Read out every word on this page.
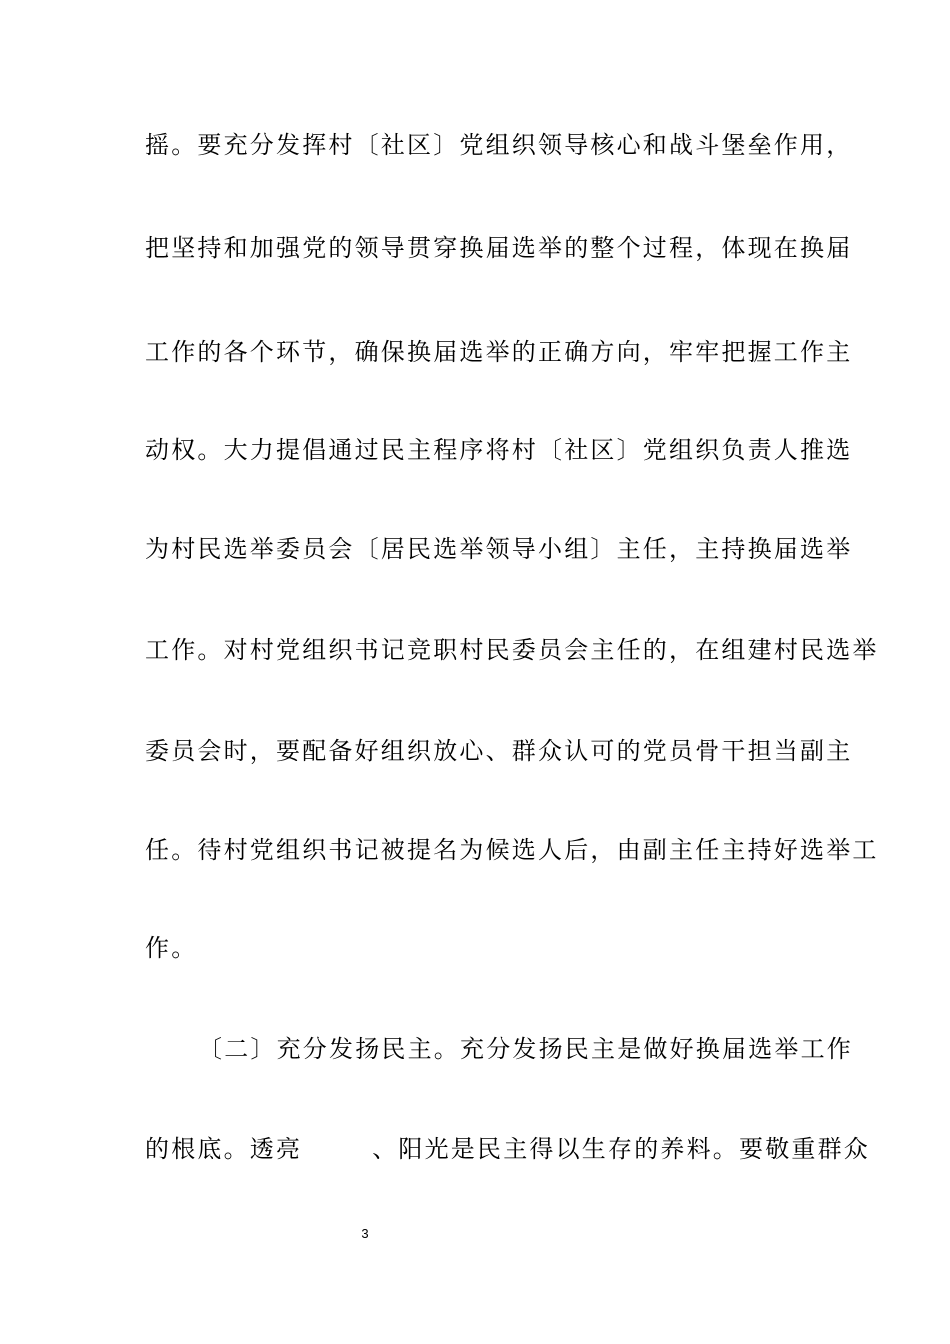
摇。要充分发挥村〔社区〕党组织领导核心和战斗堡垒作用，
把坚持和加强党的领导贯穿换届选举的整个过程，体现在换届
工作的各个环节，确保换届选举的正确方向，牢牢把握工作主
动权。大力提倡通过民主程序将村〔社区〕党组织负责人推选
为村民选举委员会〔居民选举领导小组〕主任，主持换届选举
工作。对村党组织书记竞职村民委员会主任的，在组建村民选举
委员会时，要配备好组织放心、群众认可的党员骨干担当副主
任。待村党组织书记被提名为候选人后，由副主任主持好选举工
作。
〔二〕充分发扬民主。充分发扬民主是做好换届选举工作
的根底。透亮	、阳光是民主得以生存的养料。要敬重群众
3
